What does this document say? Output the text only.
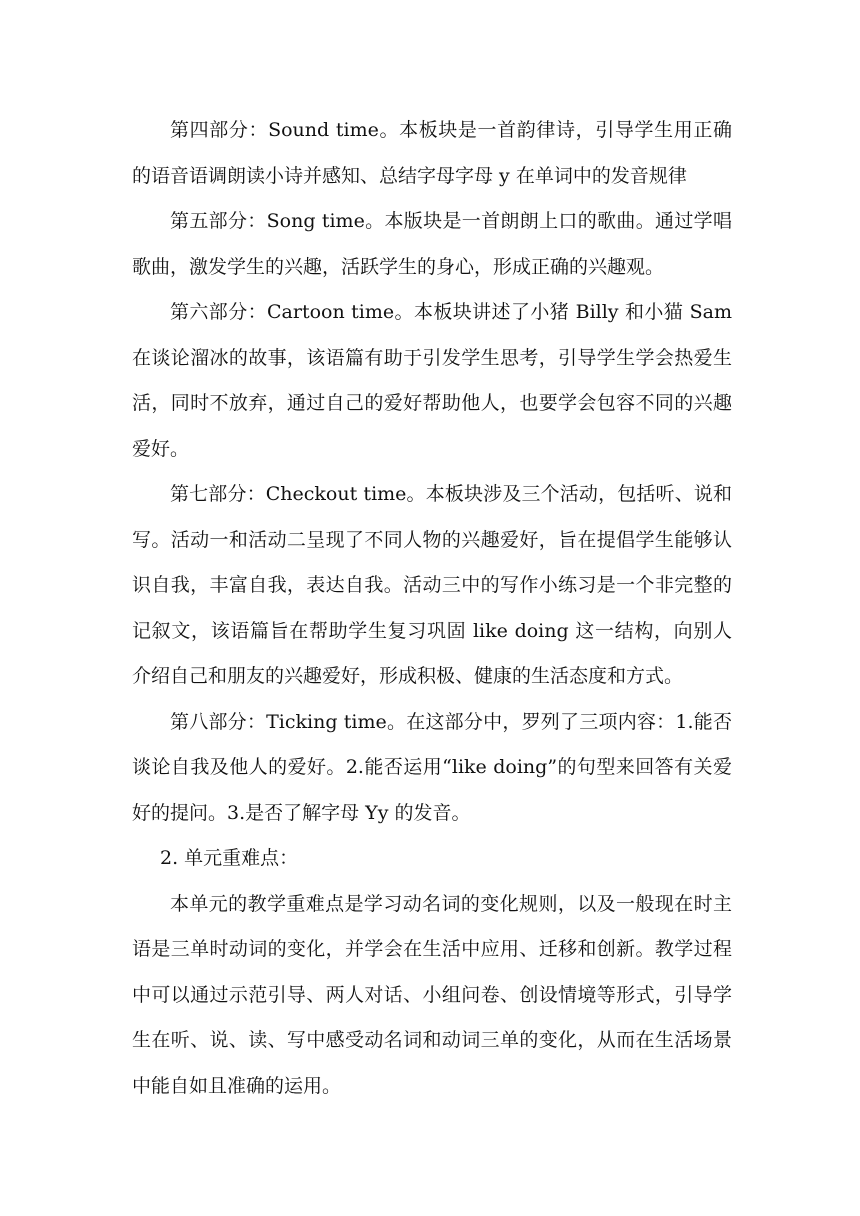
第四部分：Sound time。本板块是一首韵律诗，引导学生用正确的语音语调朗读小诗并感知、总结字母字母 y 在单词中的发音规律

第五部分：Song time。本版块是一首朗朗上口的歌曲。通过学唱歌曲，激发学生的兴趣，活跃学生的身心，形成正确的兴趣观。

第六部分：Cartoon time。本板块讲述了小猪 Billy 和小猫 Sam 在谈论溜冰的故事，该语篇有助于引发学生思考，引导学生学会热爱生活，同时不放弃，通过自己的爱好帮助他人，也要学会包容不同的兴趣爱好。

第七部分：Checkout time。本板块涉及三个活动，包括听、说和写。活动一和活动二呈现了不同人物的兴趣爱好，旨在提倡学生能够认识自我，丰富自我，表达自我。活动三中的写作小练习是一个非完整的记叙文，该语篇旨在帮助学生复习巩固 like doing 这一结构，向别人介绍自己和朋友的兴趣爱好，形成积极、健康的生活态度和方式。

第八部分：Ticking time。在这部分中，罗列了三项内容：1.能否谈论自我及他人的爱好。2.能否运用“like doing”的句型来回答有关爱好的提问。3.是否了解字母 Yy 的发音。

2. 单元重难点：

本单元的教学重难点是学习动名词的变化规则，以及一般现在时主语是三单时动词的变化，并学会在生活中应用、迁移和创新。教学过程中可以通过示范引导、两人对话、小组问卷、创设情境等形式，引导学生在听、说、读、写中感受动名词和动词三单的变化，从而在生活场景中能自如且准确的运用。
